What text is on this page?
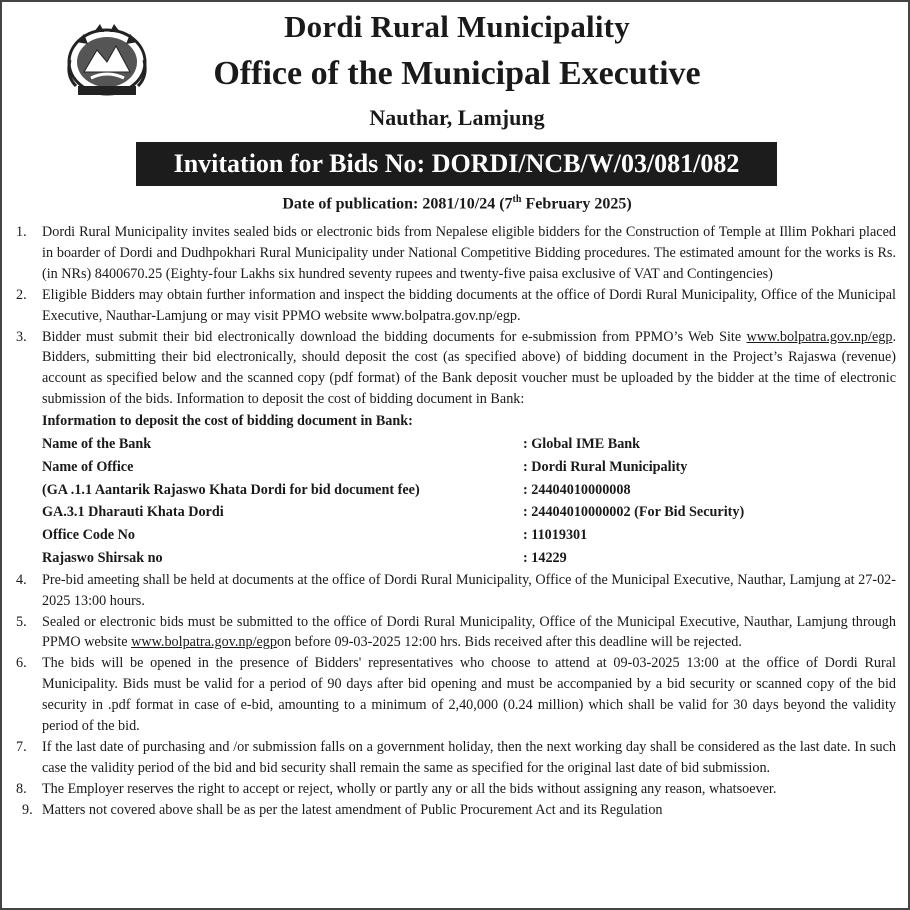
Dordi Rural Municipality
Office of the Municipal Executive
Nauthar, Lamjung
Invitation for Bids No: DORDI/NCB/W/03/081/082
Date of publication: 2081/10/24 (7th February 2025)
1.	Dordi Rural Municipality invites sealed bids or electronic bids from Nepalese eligible bidders for the Construction of Temple at Illim Pokhari placed in boarder of Dordi and Dudhpokhari Rural Municipality under National Competitive Bidding procedures. The estimated amount for the works is Rs. (in NRs) 8400670.25 (Eighty-four Lakhs six hundred seventy rupees and twenty-five paisa exclusive of VAT and Contingencies)
2.	Eligible Bidders may obtain further information and inspect the bidding documents at the office of Dordi Rural Municipality, Office of the Municipal Executive, Nauthar-Lamjung or may visit PPMO website www.bolpatra.gov.np/egp.
3.	Bidder must submit their bid electronically download the bidding documents for e-submission from PPMO’s Web Site www.bolpatra.gov.np/egp. Bidders, submitting their bid electronically, should deposit the cost (as specified above) of bidding document in the Project’s Rajaswa (revenue) account as specified below and the scanned copy (pdf format) of the Bank deposit voucher must be uploaded by the bidder at the time of electronic submission of the bids. Information to deposit the cost of bidding document in Bank:
Information to deposit the cost of bidding document in Bank:
Name of the Bank	: Global IME Bank
Name of Office	: Dordi Rural Municipality
(GA .1.1 Aantarik Rajaswo Khata Dordi for bid document fee)	: 24404010000008
GA.3.1 Dharauti Khata Dordi	: 24404010000002 (For Bid Security)
Office Code No	: 11019301
Rajaswo Shirsak no	: 14229
4.	Pre-bid ameeting shall be held at documents at the office of Dordi Rural Municipality, Office of the Municipal Executive, Nauthar, Lamjung at 27-02-2025 13:00 hours.
5.	Sealed or electronic bids must be submitted to the office of Dordi Rural Municipality, Office of the Municipal Executive, Nauthar, Lamjung through PPMO website www.bolpatra.gov.np/egpon before 09-03-2025 12:00 hrs. Bids received after this deadline will be rejected.
6.	The bids will be opened in the presence of Bidders' representatives who choose to attend at 09-03-2025 13:00 at the office of Dordi Rural Municipality. Bids must be valid for a period of 90 days after bid opening and must be accompanied by a bid security or scanned copy of the bid security in .pdf format in case of e-bid, amounting to a minimum of 2,40,000 (0.24 million) which shall be valid for 30 days beyond the validity period of the bid.
7.	If the last date of purchasing and /or submission falls on a government holiday, then the next working day shall be considered as the last date. In such case the validity period of the bid and bid security shall remain the same as specified for the original last date of bid submission.
8.	The Employer reserves the right to accept or reject, wholly or partly any or all the bids without assigning any reason, whatsoever.
9. Matters not covered above shall be as per the latest amendment of Public Procurement Act and its Regulation
